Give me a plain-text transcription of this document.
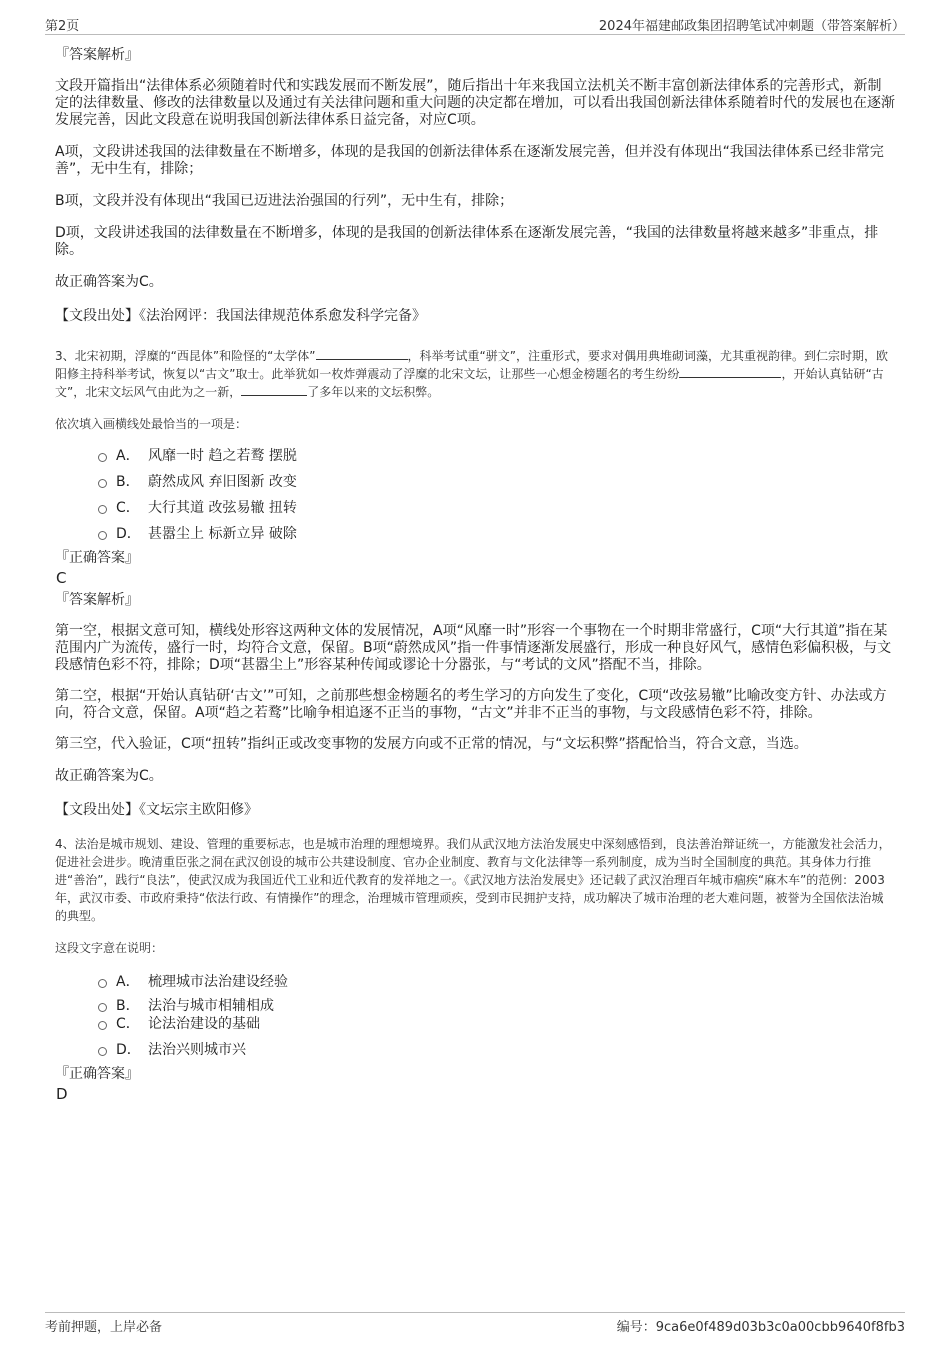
第2页	2024年福建邮政集团招聘笔试冲刺题（带答案解析）

『答案解析』

文段开篇指出“法律体系必须随着时代和实践发展而不断发展”，随后指出十年来我国立法机关不断丰富创新法律体系的完善形式，新制定的法律数量、修改的法律数量以及通过有关法律问题和重大问题的决定都在增加，可以看出我国创新法律体系随着时代的发展也在逐渐发展完善，因此文段意在说明我国创新法律体系日益完备，对应C项。

A项，文段讲述我国的法律数量在不断增多，体现的是我国的创新法律体系在逐渐发展完善，但并没有体现出“我国法律体系已经非常完善”，无中生有，排除；

B项，文段并没有体现出“我国已迈进法治强国的行列”，无中生有，排除；

D项，文段讲述我国的法律数量在不断增多，体现的是我国的创新法律体系在逐渐发展完善，“我国的法律数量将越来越多”非重点，排除。

故正确答案为C。

【文段出处】《法治网评：我国法律规范体系愈发科学完备》

3、北宋初期，浮糜的“西昆体”和险怪的“太学体”	，科举考试重“骈文”，注重形式，要求对偶用典堆砌词藻，尤其重视韵律。到仁宗时期，欧阳修主持科举考试，恢复以“古文”取士。此举犹如一枚炸弹震动了浮糜的北宋文坛，让那些一心想金榜题名的考生纷纷	，开始认真钻研“古文”，北宋文坛风气由此为之一新，	了多年以来的文坛积弊。

依次填入画横线处最恰当的一项是：

A． 风靡一时 趋之若鹜 摆脱
B． 蔚然成风 弃旧图新 改变
C． 大行其道 改弦易辙 扭转
D． 甚嚣尘上 标新立异 破除

『正确答案』

C

『答案解析』

第一空，根据文意可知，横线处形容这两种文体的发展情况，A项“风靡一时”形容一个事物在一个时期非常盛行，C项“大行其道”指在某范围内广为流传，盛行一时，均符合文意，保留。B项“蔚然成风”指一件事情逐渐发展盛行，形成一种良好风气，感情色彩偏积极，与文段感情色彩不符，排除；D项“甚嚣尘上”形容某种传闻或谬论十分嚣张，与“考试的文风”搭配不当，排除。

第二空，根据“开始认真钻研‘古文’”可知，之前那些想金榜题名的考生学习的方向发生了变化，C项“改弦易辙”比喻改变方针、办法或方向，符合文意，保留。A项“趋之若鹜”比喻争相追逐不正当的事物，“古文”并非不正当的事物，与文段感情色彩不符，排除。

第三空，代入验证，C项“扭转”指纠正或改变事物的发展方向或不正常的情况，与“文坛积弊”搭配恰当，符合文意，当选。

故正确答案为C。

【文段出处】《文坛宗主欧阳修》

4、法治是城市规划、建设、管理的重要标志，也是城市治理的理想境界。我们从武汉地方法治发展史中深刻感悟到，良法善治辩证统一，方能激发社会活力，促进社会进步。晚清重臣张之洞在武汉创设的城市公共建设制度、官办企业制度、教育与文化法律等一系列制度，成为当时全国制度的典范。其身体力行推进“善治”，践行“良法”，使武汉成为我国近代工业和近代教育的发祥地之一。《武汉地方法治发展史》还记载了武汉治理百年城市痼疾“麻木车”的范例：2003年，武汉市委、市政府秉持“依法行政、有情操作”的理念，治理城市管理顽疾，受到市民拥护支持，成功解决了城市治理的老大难问题，被誉为全国依法治城的典型。

这段文字意在说明：

A． 梳理城市法治建设经验
B． 法治与城市相辅相成
C． 论法治建设的基础
D． 法治兴则城市兴

『正确答案』

D

考前押题，上岸必备	编号：9ca6e0f489d03b3c0a00cbb9640f8fb3
